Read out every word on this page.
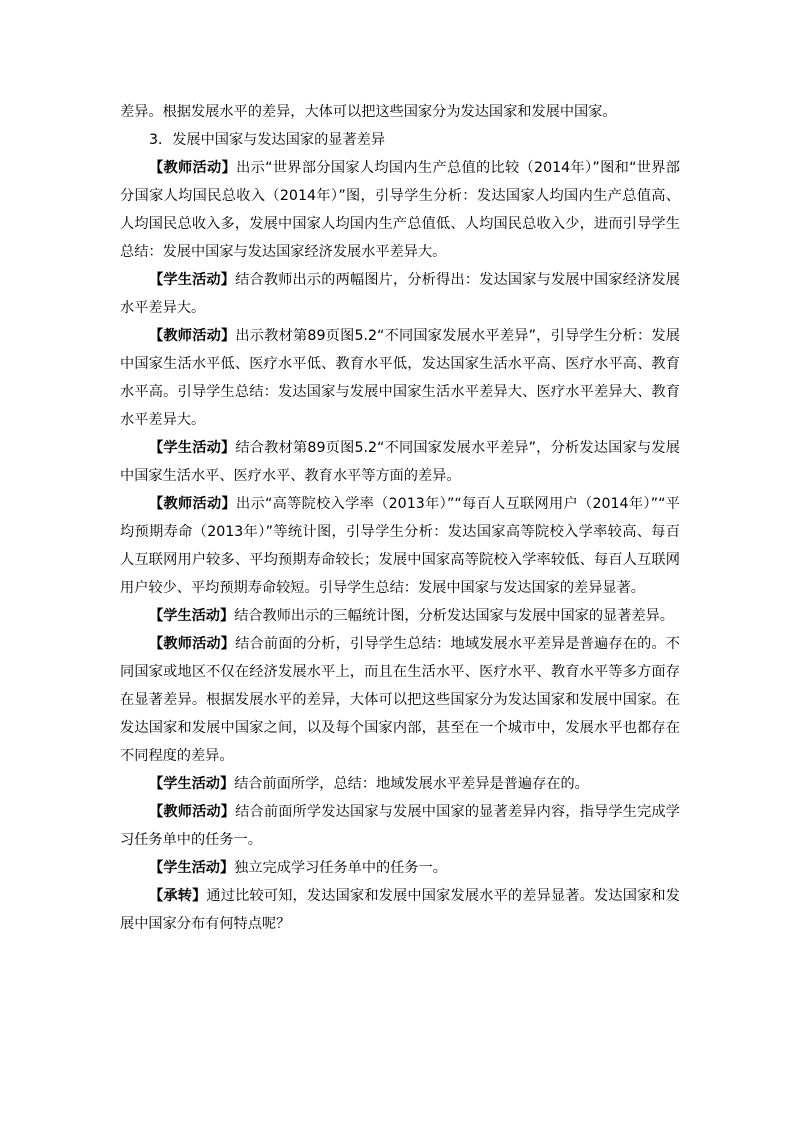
差异。根据发展水平的差异，大体可以把这些国家分为发达国家和发展中国家。

3．发展中国家与发达国家的显著差异

【教师活动】出示“世界部分国家人均国内生产总值的比较（2014年）”图和“世界部分国家人均国民总收入（2014年）”图，引导学生分析：发达国家人均国内生产总值高、人均国民总收入多，发展中国家人均国内生产总值低、人均国民总收入少，进而引导学生总结：发展中国家与发达国家经济发展水平差异大。

【学生活动】结合教师出示的两幅图片，分析得出：发达国家与发展中国家经济发展水平差异大。

【教师活动】出示教材第89页图5.2“不同国家发展水平差异”，引导学生分析：发展中国家生活水平低、医疗水平低、教育水平低，发达国家生活水平高、医疗水平高、教育水平高。引导学生总结：发达国家与发展中国家生活水平差异大、医疗水平差异大、教育水平差异大。

【学生活动】结合教材第89页图5.2“不同国家发展水平差异”，分析发达国家与发展中国家生活水平、医疗水平、教育水平等方面的差异。

【教师活动】出示“高等院校入学率（2013年）”“每百人互联网用户（2014年）”“平均预期寿命（2013年）”等统计图，引导学生分析：发达国家高等院校入学率较高、每百人互联网用户较多、平均预期寿命较长；发展中国家高等院校入学率较低、每百人互联网用户较少、平均预期寿命较短。引导学生总结：发展中国家与发达国家的差异显著。

【学生活动】结合教师出示的三幅统计图，分析发达国家与发展中国家的显著差异。

【教师活动】结合前面的分析，引导学生总结：地域发展水平差异是普遍存在的。不同国家或地区不仅在经济发展水平上，而且在生活水平、医疗水平、教育水平等多方面存在显著差异。根据发展水平的差异，大体可以把这些国家分为发达国家和发展中国家。在发达国家和发展中国家之间，以及每个国家内部，甚至在一个城市中，发展水平也都存在不同程度的差异。

【学生活动】结合前面所学，总结：地域发展水平差异是普遍存在的。

【教师活动】结合前面所学发达国家与发展中国家的显著差异内容，指导学生完成学习任务单中的任务一。

【学生活动】独立完成学习任务单中的任务一。

【承转】通过比较可知，发达国家和发展中国家发展水平的差异显著。发达国家和发展中国家分布有何特点呢？
